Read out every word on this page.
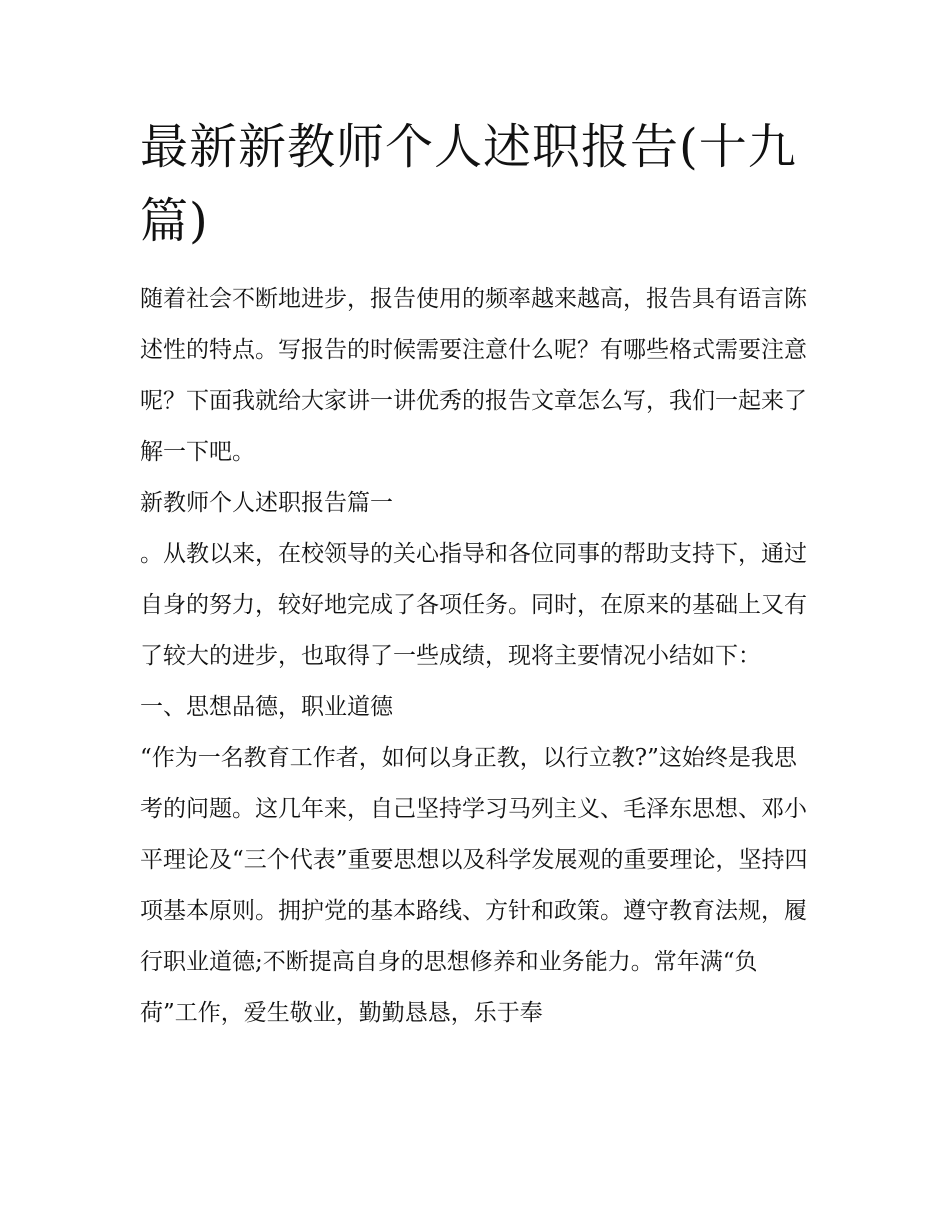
最新新教师个人述职报告(十九篇)

随着社会不断地进步，报告使用的频率越来越高，报告具有语言陈述性的特点。写报告的时候需要注意什么呢？有哪些格式需要注意呢？下面我就给大家讲一讲优秀的报告文章怎么写，我们一起来了解一下吧。

新教师个人述职报告篇一

。从教以来，在校领导的关心指导和各位同事的帮助支持下，通过自身的努力，较好地完成了各项任务。同时，在原来的基础上又有了较大的进步，也取得了一些成绩，现将主要情况小结如下：

一、思想品德，职业道德

“作为一名教育工作者，如何以身正教，以行立教?”这始终是我思考的问题。这几年来，自己坚持学习马列主义、毛泽东思想、邓小平理论及“三个代表”重要思想以及科学发展观的重要理论，坚持四项基本原则。拥护党的基本路线、方针和政策。遵守教育法规，履行职业道德;不断提高自身的思想修养和业务能力。常年满“负荷”工作，爱生敬业，勤勤恳恳，乐于奉
